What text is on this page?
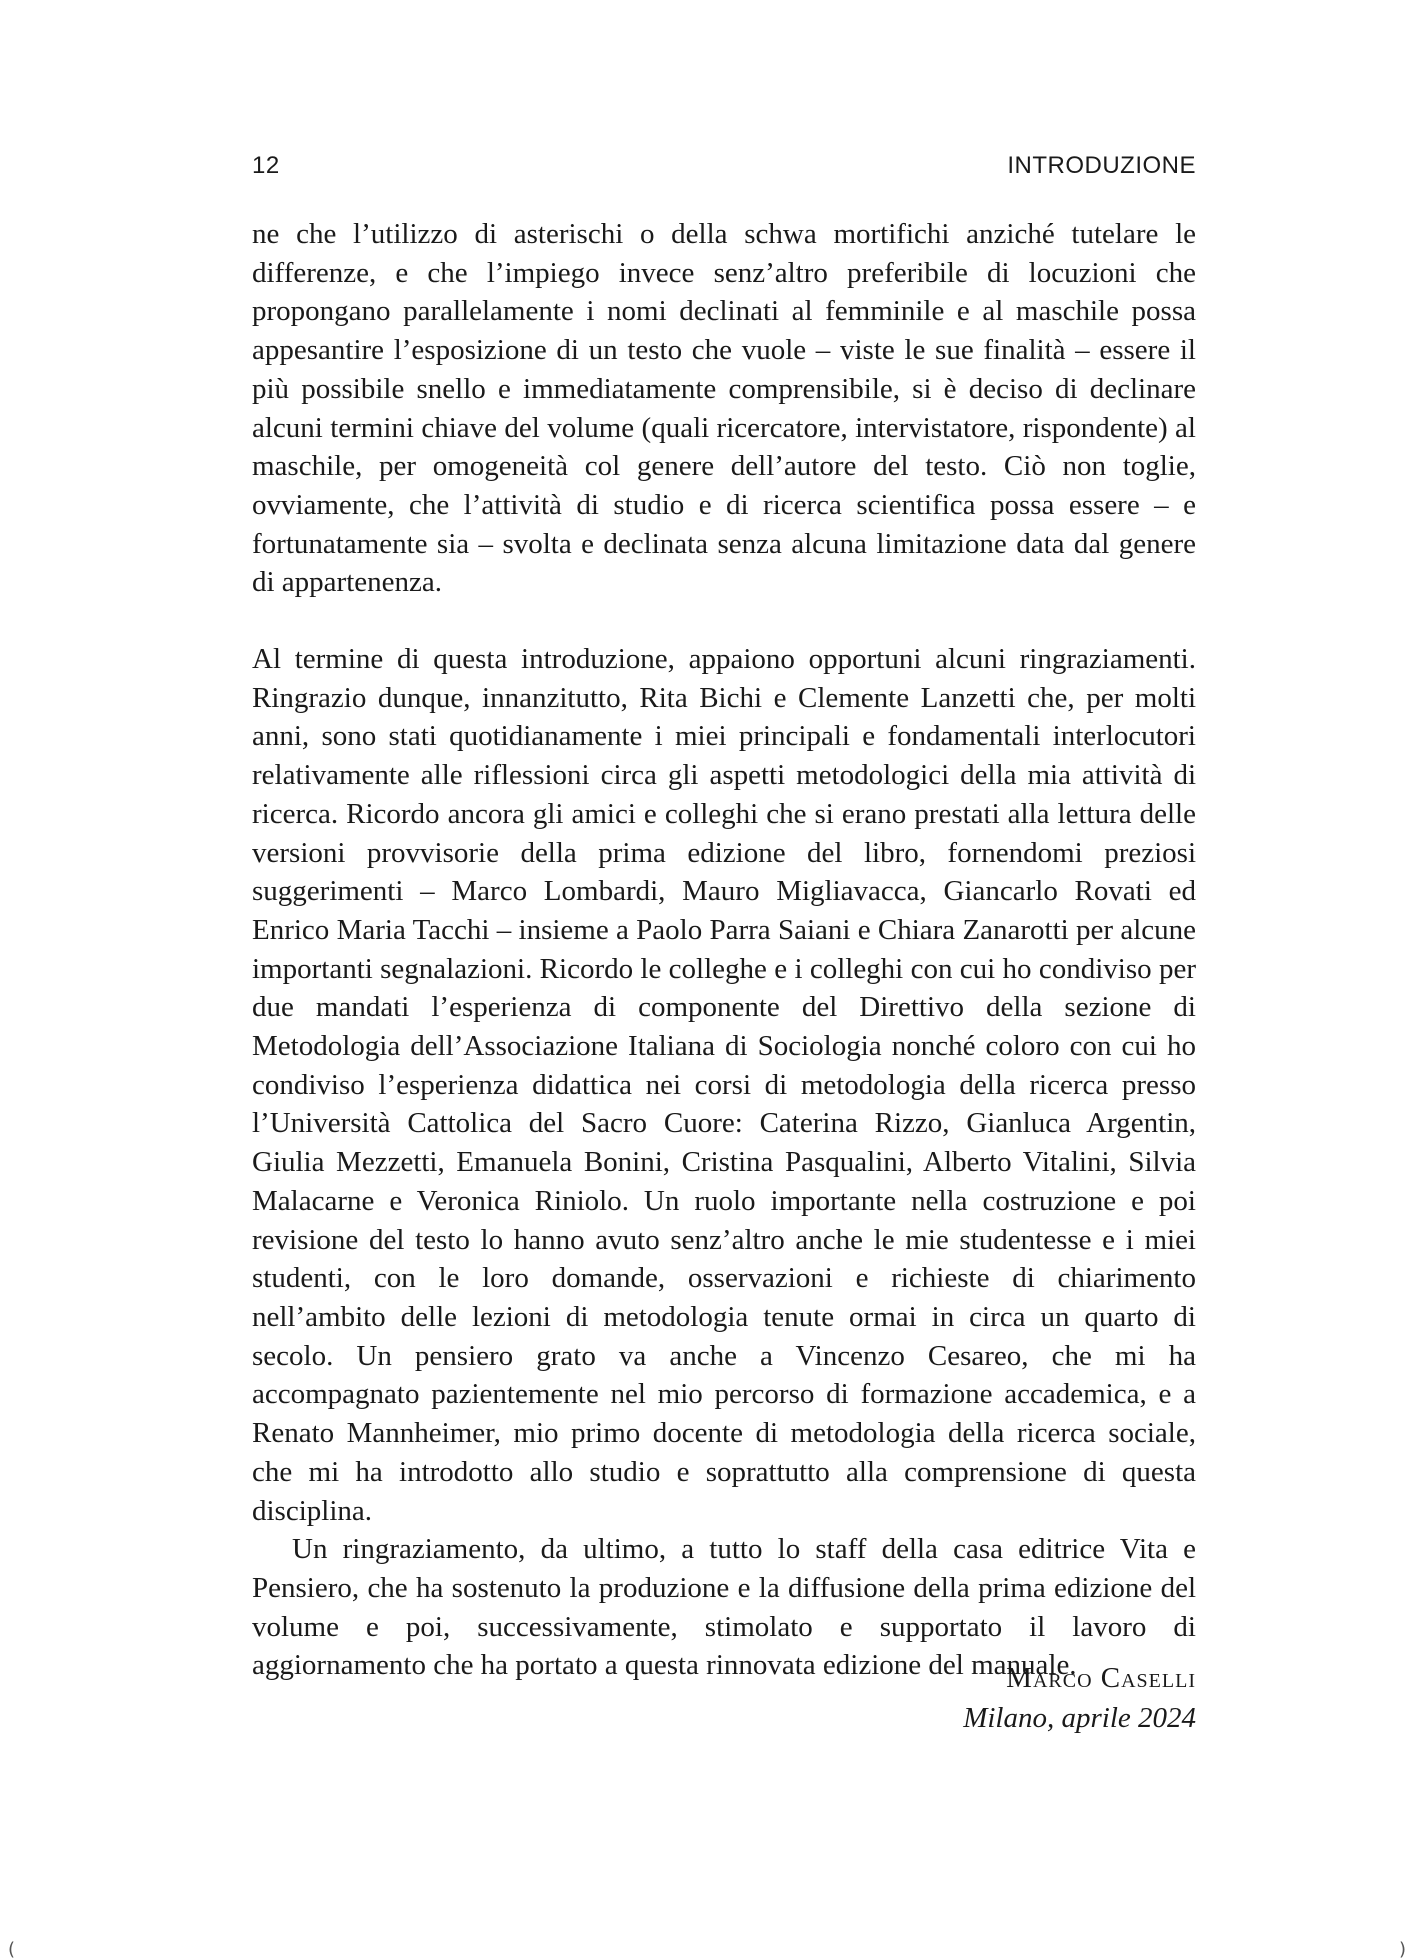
12	INTRODUZIONE

ne che l’utilizzo di asterischi o della schwa mortifichi anziché tutelare le differenze, e che l’impiego invece senz’altro preferibile di locuzioni che propongano parallelamente i nomi declinati al femminile e al maschile possa appesantire l’esposizione di un testo che vuole – viste le sue finalità – essere il più possibile snello e immediatamente comprensibile, si è deciso di declinare alcuni termini chiave del volume (quali ricercatore, intervistatore, rispondente) al maschile, per omogeneità col genere dell’autore del testo. Ciò non toglie, ovviamente, che l’attività di studio e di ricerca scientifica possa essere – e fortunatamente sia – svolta e declinata senza alcuna limitazione data dal genere di appartenenza.

Al termine di questa introduzione, appaiono opportuni alcuni ringraziamenti. Ringrazio dunque, innanzitutto, Rita Bichi e Clemente Lanzetti che, per molti anni, sono stati quotidianamente i miei principali e fondamentali interlocutori relativamente alle riflessioni circa gli aspetti metodologici della mia attività di ricerca. Ricordo ancora gli amici e colleghi che si erano prestati alla lettura delle versioni provvisorie della prima edizione del libro, fornendomi preziosi suggerimenti – Marco Lombardi, Mauro Migliavacca, Giancarlo Rovati ed Enrico Maria Tacchi – insieme a Paolo Parra Saiani e Chiara Zanarotti per alcune importanti segnalazioni. Ricordo le colleghe e i colleghi con cui ho condiviso per due mandati l’esperienza di componente del Direttivo della sezione di Metodologia dell’Associazione Italiana di Sociologia nonché coloro con cui ho condiviso l’esperienza didattica nei corsi di metodologia della ricerca presso l’Università Cattolica del Sacro Cuore: Caterina Rizzo, Gianluca Argentin, Giulia Mezzetti, Emanuela Bonini, Cristina Pasqualini, Alberto Vitalini, Silvia Malacarne e Veronica Riniolo. Un ruolo importante nella costruzione e poi revisione del testo lo hanno avuto senz’altro anche le mie studentesse e i miei studenti, con le loro domande, osservazioni e richieste di chiarimento nell’ambito delle lezioni di metodologia tenute ormai in circa un quarto di secolo. Un pensiero grato va anche a Vincenzo Cesareo, che mi ha accompagnato pazientemente nel mio percorso di formazione accademica, e a Renato Mannheimer, mio primo docente di metodologia della ricerca sociale, che mi ha introdotto allo studio e soprattutto alla comprensione di questa disciplina.

Un ringraziamento, da ultimo, a tutto lo staff della casa editrice Vita e Pensiero, che ha sostenuto la produzione e la diffusione della prima edizione del volume e poi, successivamente, stimolato e supportato il lavoro di aggiornamento che ha portato a questa rinnovata edizione del manuale.

Marco Caselli
Milano, aprile 2024
(	)
